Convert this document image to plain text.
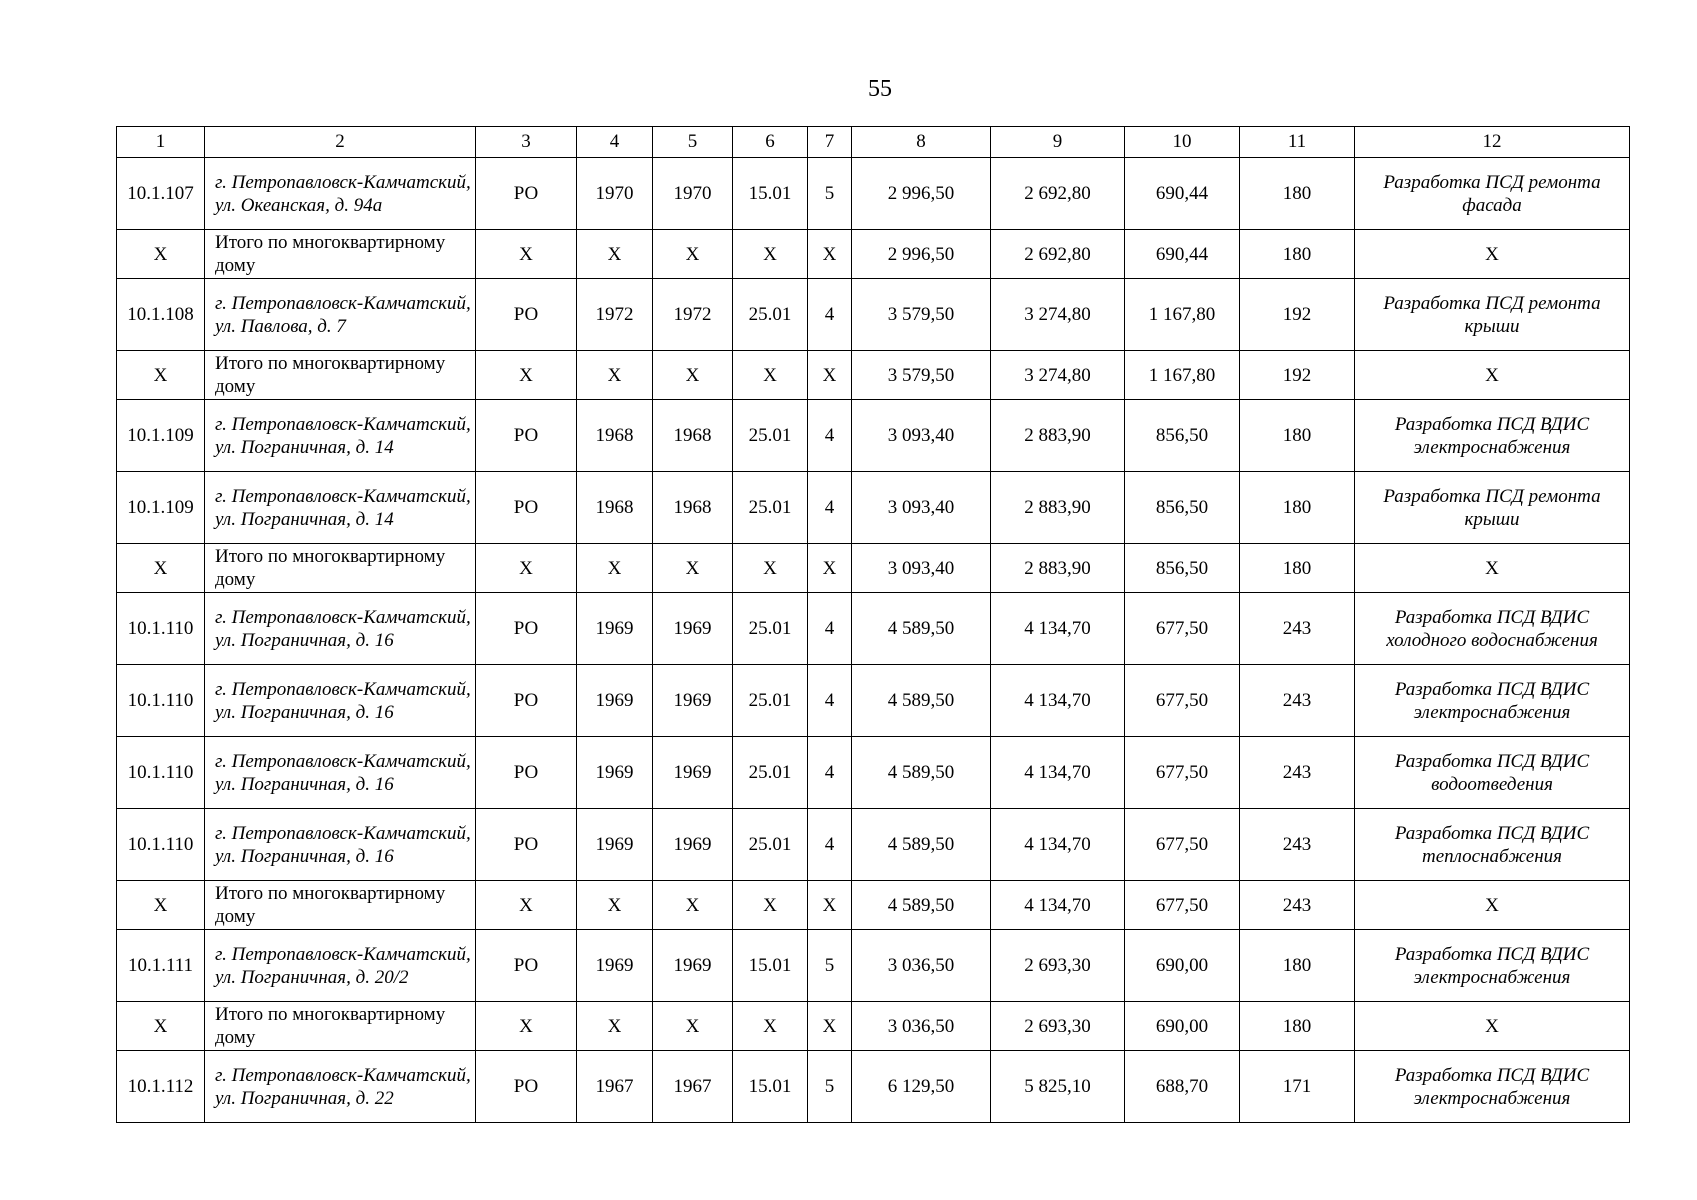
55
1	2	3	4	5	6	7	8	9	10	11	12
10.1.107	г. Петропавловск-Камчатский, ул. Океанская, д. 94а	РО	1970	1970	15.01	5	2 996,50	2 692,80	690,44	180	Разработка ПСД ремонта фасада
Х	Итого по многоквартирному дому	Х	Х	Х	Х	Х	2 996,50	2 692,80	690,44	180	Х
10.1.108	г. Петропавловск-Камчатский, ул. Павлова, д. 7	РО	1972	1972	25.01	4	3 579,50	3 274,80	1 167,80	192	Разработка ПСД ремонта крыши
Х	Итого по многоквартирному дому	Х	Х	Х	Х	Х	3 579,50	3 274,80	1 167,80	192	Х
10.1.109	г. Петропавловск-Камчатский, ул. Пограничная, д. 14	РО	1968	1968	25.01	4	3 093,40	2 883,90	856,50	180	Разработка ПСД ВДИС электроснабжения
10.1.109	г. Петропавловск-Камчатский, ул. Пограничная, д. 14	РО	1968	1968	25.01	4	3 093,40	2 883,90	856,50	180	Разработка ПСД ремонта крыши
Х	Итого по многоквартирному дому	Х	Х	Х	Х	Х	3 093,40	2 883,90	856,50	180	Х
10.1.110	г. Петропавловск-Камчатский, ул. Пограничная, д. 16	РО	1969	1969	25.01	4	4 589,50	4 134,70	677,50	243	Разработка ПСД ВДИС холодного водоснабжения
10.1.110	г. Петропавловск-Камчатский, ул. Пограничная, д. 16	РО	1969	1969	25.01	4	4 589,50	4 134,70	677,50	243	Разработка ПСД ВДИС электроснабжения
10.1.110	г. Петропавловск-Камчатский, ул. Пограничная, д. 16	РО	1969	1969	25.01	4	4 589,50	4 134,70	677,50	243	Разработка ПСД ВДИС водоотведения
10.1.110	г. Петропавловск-Камчатский, ул. Пограничная, д. 16	РО	1969	1969	25.01	4	4 589,50	4 134,70	677,50	243	Разработка ПСД ВДИС теплоснабжения
Х	Итого по многоквартирному дому	Х	Х	Х	Х	Х	4 589,50	4 134,70	677,50	243	Х
10.1.111	г. Петропавловск-Камчатский, ул. Пограничная, д. 20/2	РО	1969	1969	15.01	5	3 036,50	2 693,30	690,00	180	Разработка ПСД ВДИС электроснабжения
Х	Итого по многоквартирному дому	Х	Х	Х	Х	Х	3 036,50	2 693,30	690,00	180	Х
10.1.112	г. Петропавловск-Камчатский, ул. Пограничная, д. 22	РО	1967	1967	15.01	5	6 129,50	5 825,10	688,70	171	Разработка ПСД ВДИС электроснабжения
